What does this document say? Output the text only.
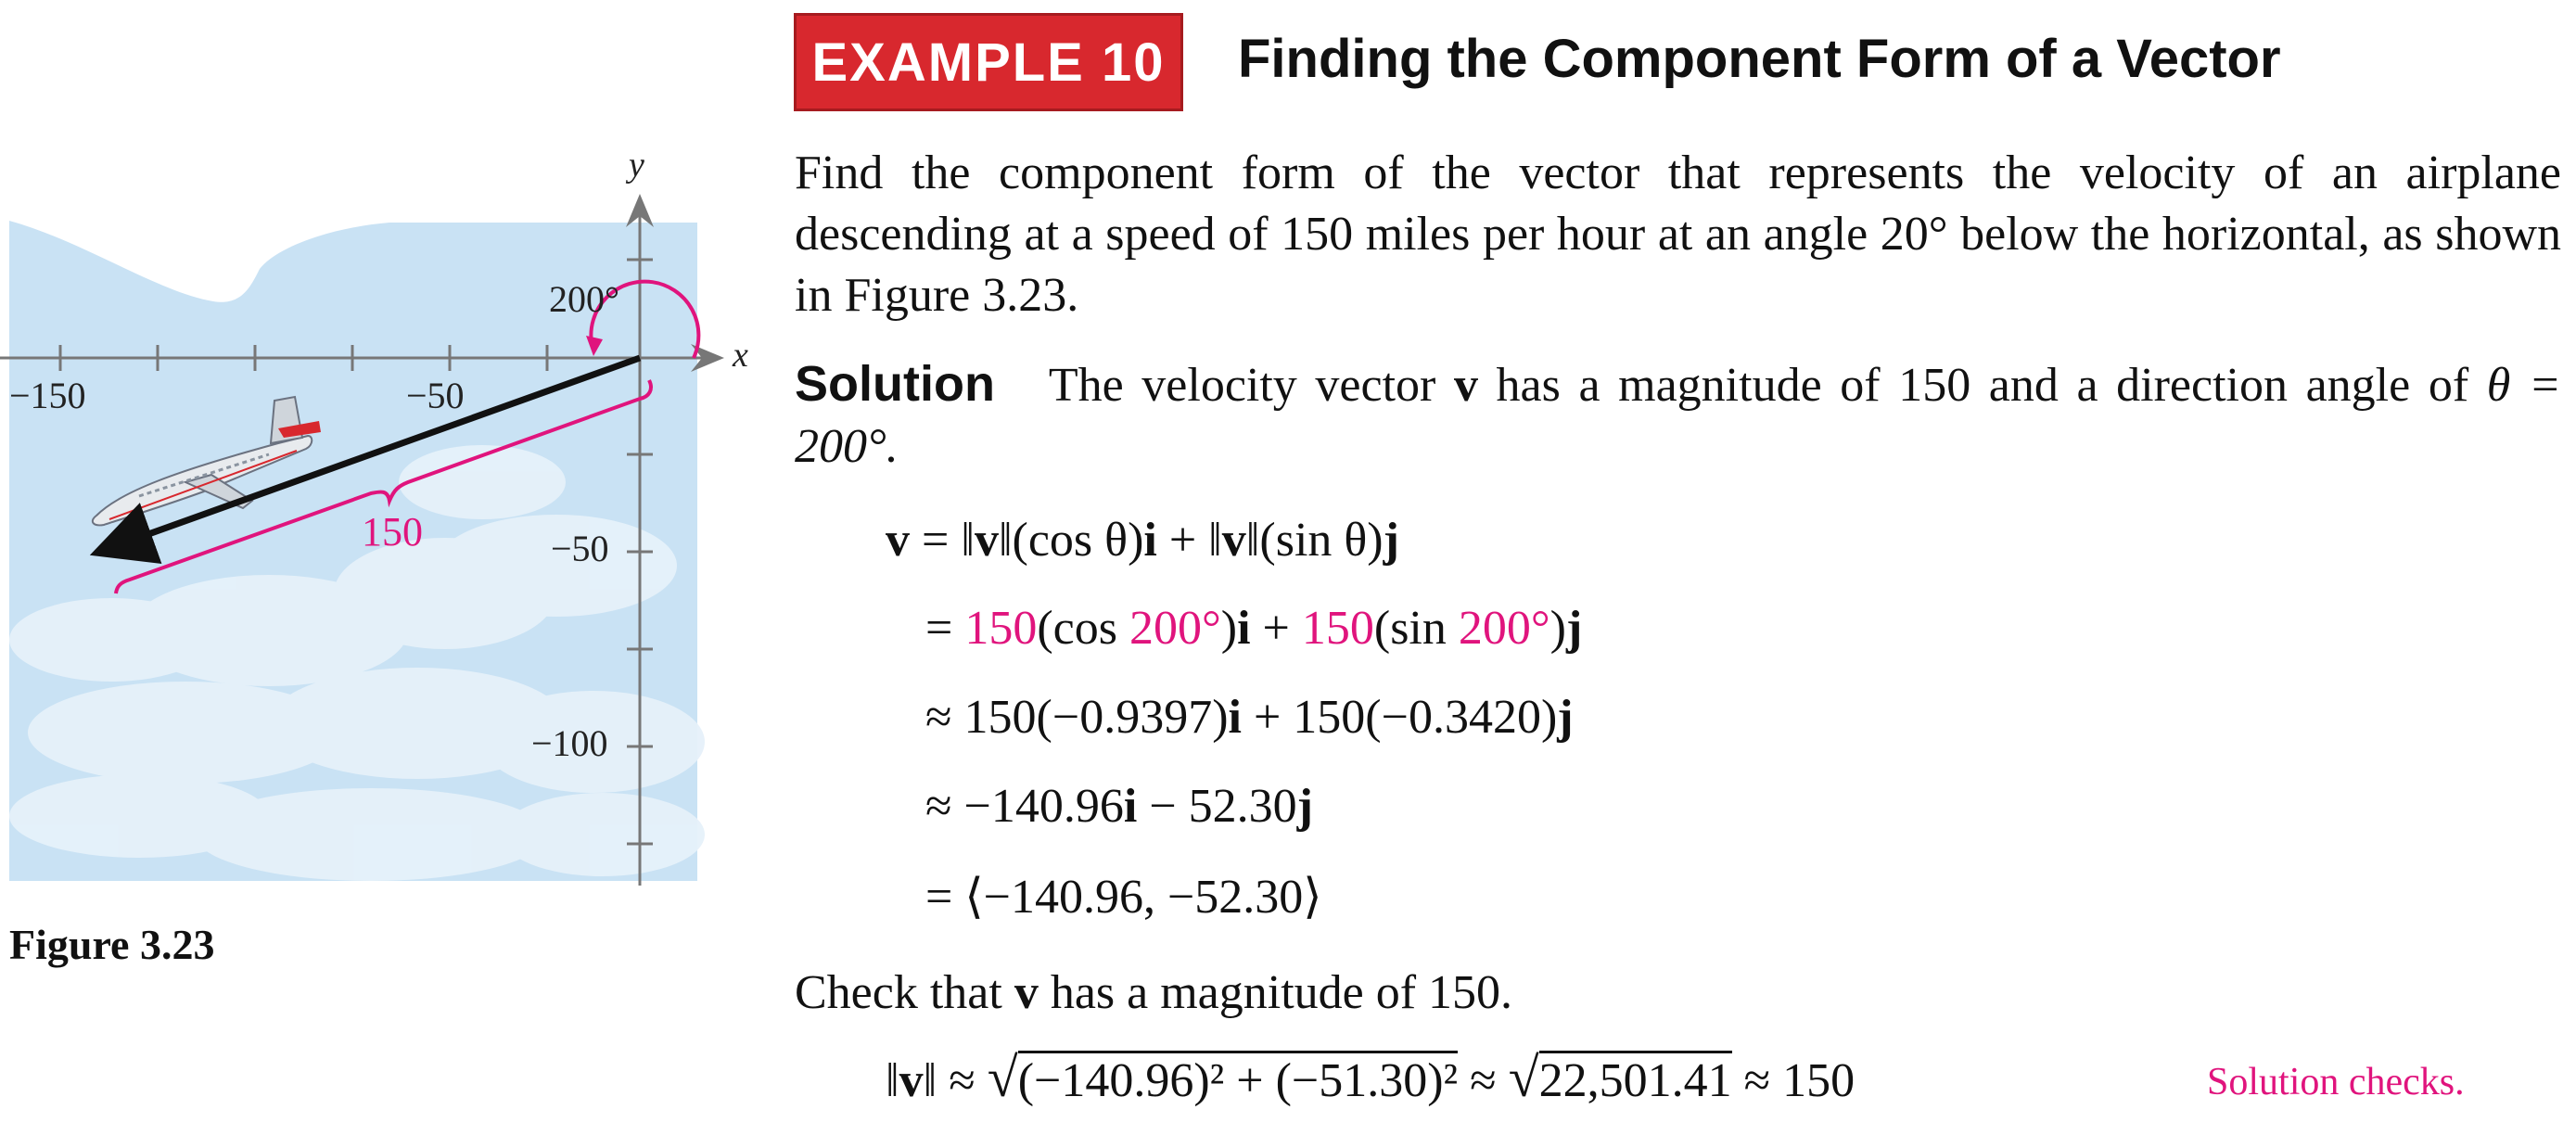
EXAMPLE 10 Finding the Component Form of a Vector
Find the component form of the vector that represents the velocity of an airplane descending at a speed of 150 miles per hour at an angle 20° below the horizontal, as shown in Figure 3.23.
Solution The velocity vector v has a magnitude of 150 and a direction angle of θ = 200°.
v = ‖v‖(cos θ)i + ‖v‖(sin θ)j
= 150(cos 200°)i + 150(sin 200°)j
≈ 150(−0.9397)i + 150(−0.3420)j
≈ −140.96i − 52.30j
= ⟨−140.96, −52.30⟩
Check that v has a magnitude of 150.
‖v‖ ≈ √(−140.96)² + (−51.30)² ≈ √22,501.41 ≈ 150	Solution checks.
x
y
−150	−50
−50
−100
200°
150
Figure 3.23
